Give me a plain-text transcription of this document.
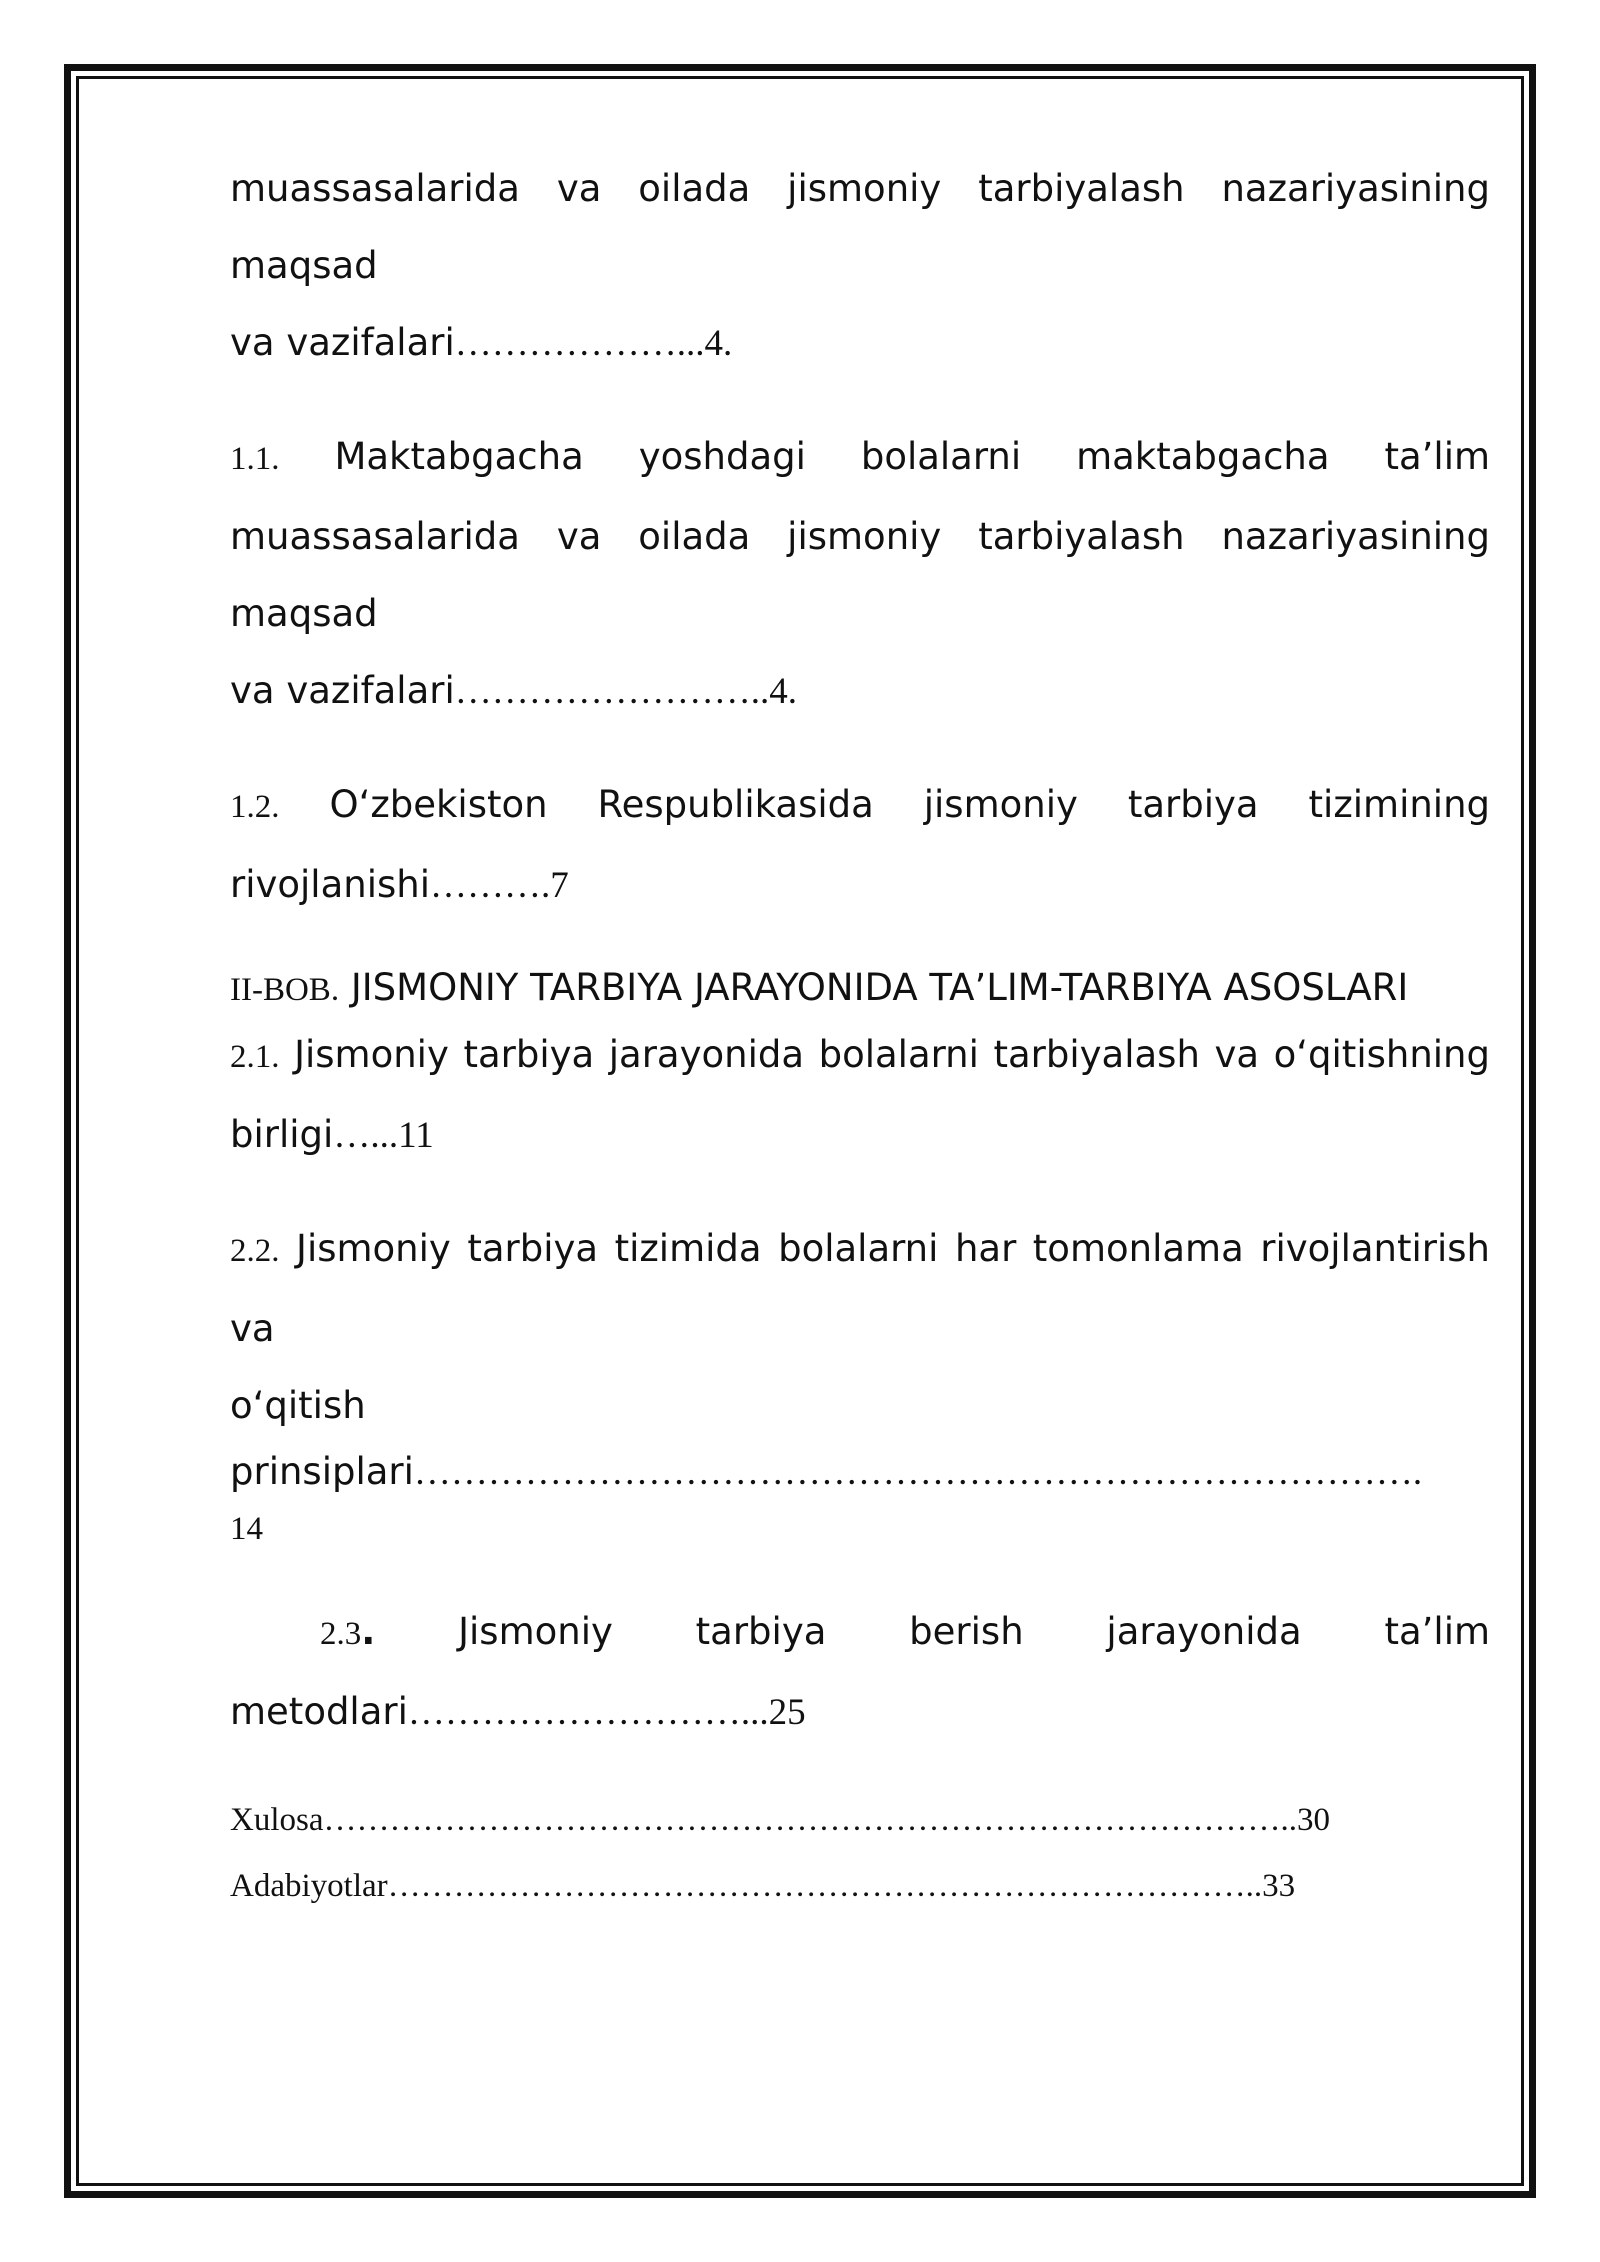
muassasalarida va oilada jismoniy tarbiyalash nazariyasining maqsad
va vazifalari………………...4.
1.1. Maktabgacha yoshdagi bolalarni maktabgacha ta’lim
muassasalarida va oilada jismoniy tarbiyalash nazariyasining maqsad
va vazifalari……………………..4.
1.2. O‘zbekiston Respublikasida jismoniy tarbiya tizimining
rivojlanishi……….7
II-BOB. JISMONIY TARBIYA JARAYONIDA TA’LIM-TARBIYA ASOSLARI
2.1. Jismoniy tarbiya jarayonida bolalarni tarbiyalash va o‘qitishning
birligi…...11
2.2. Jismoniy tarbiya tizimida bolalarni har tomonlama rivojlantirish va
o‘qitish
prinsiplari……………………………………………………………………….
14
2.3. Jismoniy tarbiya berish jarayonida ta’lim
metodlari………………………...25

Xulosa……………………………………………………………………………..30

Adabiyotlar……………………………………………………………………..33
